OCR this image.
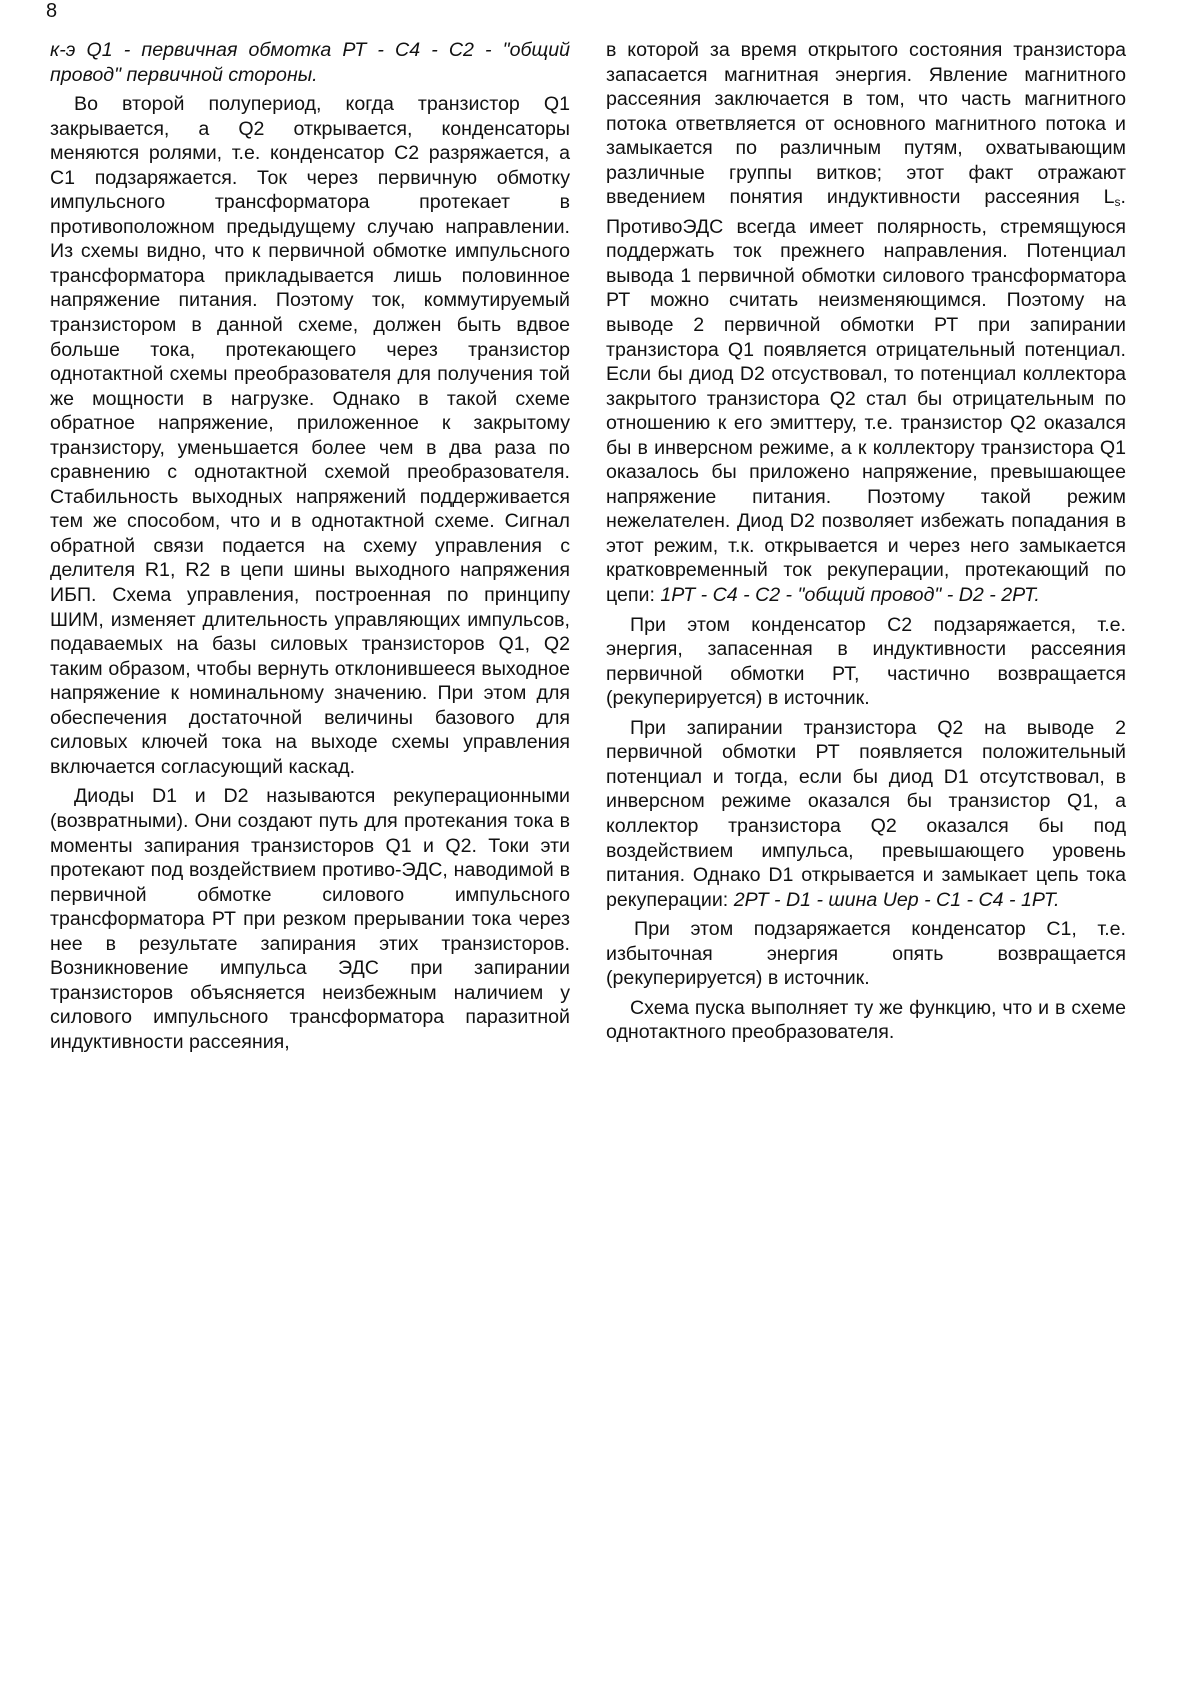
8

к-э Q1 - первичная обмотка РТ - С4 - С2 - "общий провод" первичной стороны.

Во второй полупериод, когда транзистор Q1 закрывается, а Q2 открывается, конденсаторы меняются ролями, т.е. конденсатор С2 разряжается, а С1 подзаряжается. Ток через первичную обмотку импульсного трансформатора протекает в противоположном предыдущему случаю направлении. Из схемы видно, что к первичной обмотке импульсного трансформатора прикладывается лишь половинное напряжение питания. Поэтому ток, коммутируемый транзистором в данной схеме, должен быть вдвое больше тока, протекающего через транзистор однотактной схемы преобразователя для получения той же мощности в нагрузке. Однако в такой схеме обратное напряжение, приложенное к закрытому транзистору, уменьшается более чем в два раза по сравнению с однотактной схемой преобразователя. Стабильность выходных напряжений поддерживается тем же способом, что и в однотактной схеме. Сигнал обратной связи подается на схему управления с делителя R1, R2 в цепи шины выходного напряжения ИБП. Схема управления, построенная по принципу ШИМ, изменяет длительность управляющих импульсов, подаваемых на базы силовых транзисторов Q1, Q2 таким образом, чтобы вернуть отклонившееся выходное напряжение к номинальному значению. При этом для обеспечения достаточной величины базового для силовых ключей тока на выходе схемы управления включается согласующий каскад.

Диоды D1 и D2 называются рекуперационными (возвратными). Они создают путь для протекания тока в моменты запирания транзисторов Q1 и Q2. Токи эти протекают под воздействием противо-ЭДС, наводимой в первичной обмотке силового импульсного трансформатора РТ при резком прерывании тока через нее в результате запирания этих транзисторов. Возникновение импульса ЭДС при запирании транзисторов объясняется неизбежным наличием у силового импульсного трансформатора паразитной индуктивности рассеяния,

в которой за время открытого состояния транзистора запасается магнитная энергия. Явление магнитного рассеяния заключается в том, что часть магнитного потока ответвляется от основного магнитного потока и замыкается по различным путям, охватывающим различные группы витков; этот факт отражают введением понятия индуктивности рассеяния $L_s$. ПротивоЭДС всегда имеет полярность, стремящуюся поддержать ток прежнего направления. Потенциал вывода 1 первичной обмотки силового трансформатора РТ можно считать неизменяющимся. Поэтому на выводе 2 первичной обмотки РТ при запирании транзистора Q1 появляется отрицательный потенциал. Если бы диод D2 отсуствовал, то потенциал коллектора закрытого транзистора Q2 стал бы отрицательным по отношению к его эмиттеру, т.е. транзистор Q2 оказался бы в инверсном режиме, а к коллектору транзистора Q1 оказалось бы приложено напряжение, превышающее напряжение питания. Поэтому такой режим нежелателен. Диод D2 позволяет избежать попадания в этот режим, т.к. открывается и через него замыкается кратковременный ток рекуперации, протекающий по цепи: 1РТ - С4 - С2 - "общий провод" - D2 - 2РТ.

При этом конденсатор С2 подзаряжается, т.е. энергия, запасенная в индуктивности рассеяния первичной обмотки РТ, частично возвращается (рекуперируется) в источник.

При запирании транзистора Q2 на выводе 2 первичной обмотки РТ появляется положительный потенциал и тогда, если бы диод D1 отсутствовал, в инверсном режиме оказался бы транзистор Q1, а коллектор транзистора Q2 оказался бы под воздействием импульса, превышающего уровень питания. Однако D1 открывается и замыкает цепь тока рекуперации: 2РТ - D1 - шина Uер - С1 - С4 - 1РТ.

При этом подзаряжается конденсатор С1, т.е. избыточная энергия опять возвращается (рекуперируется) в источник.

Схема пуска выполняет ту же функцию, что и в схеме однотактного преобразователя.
